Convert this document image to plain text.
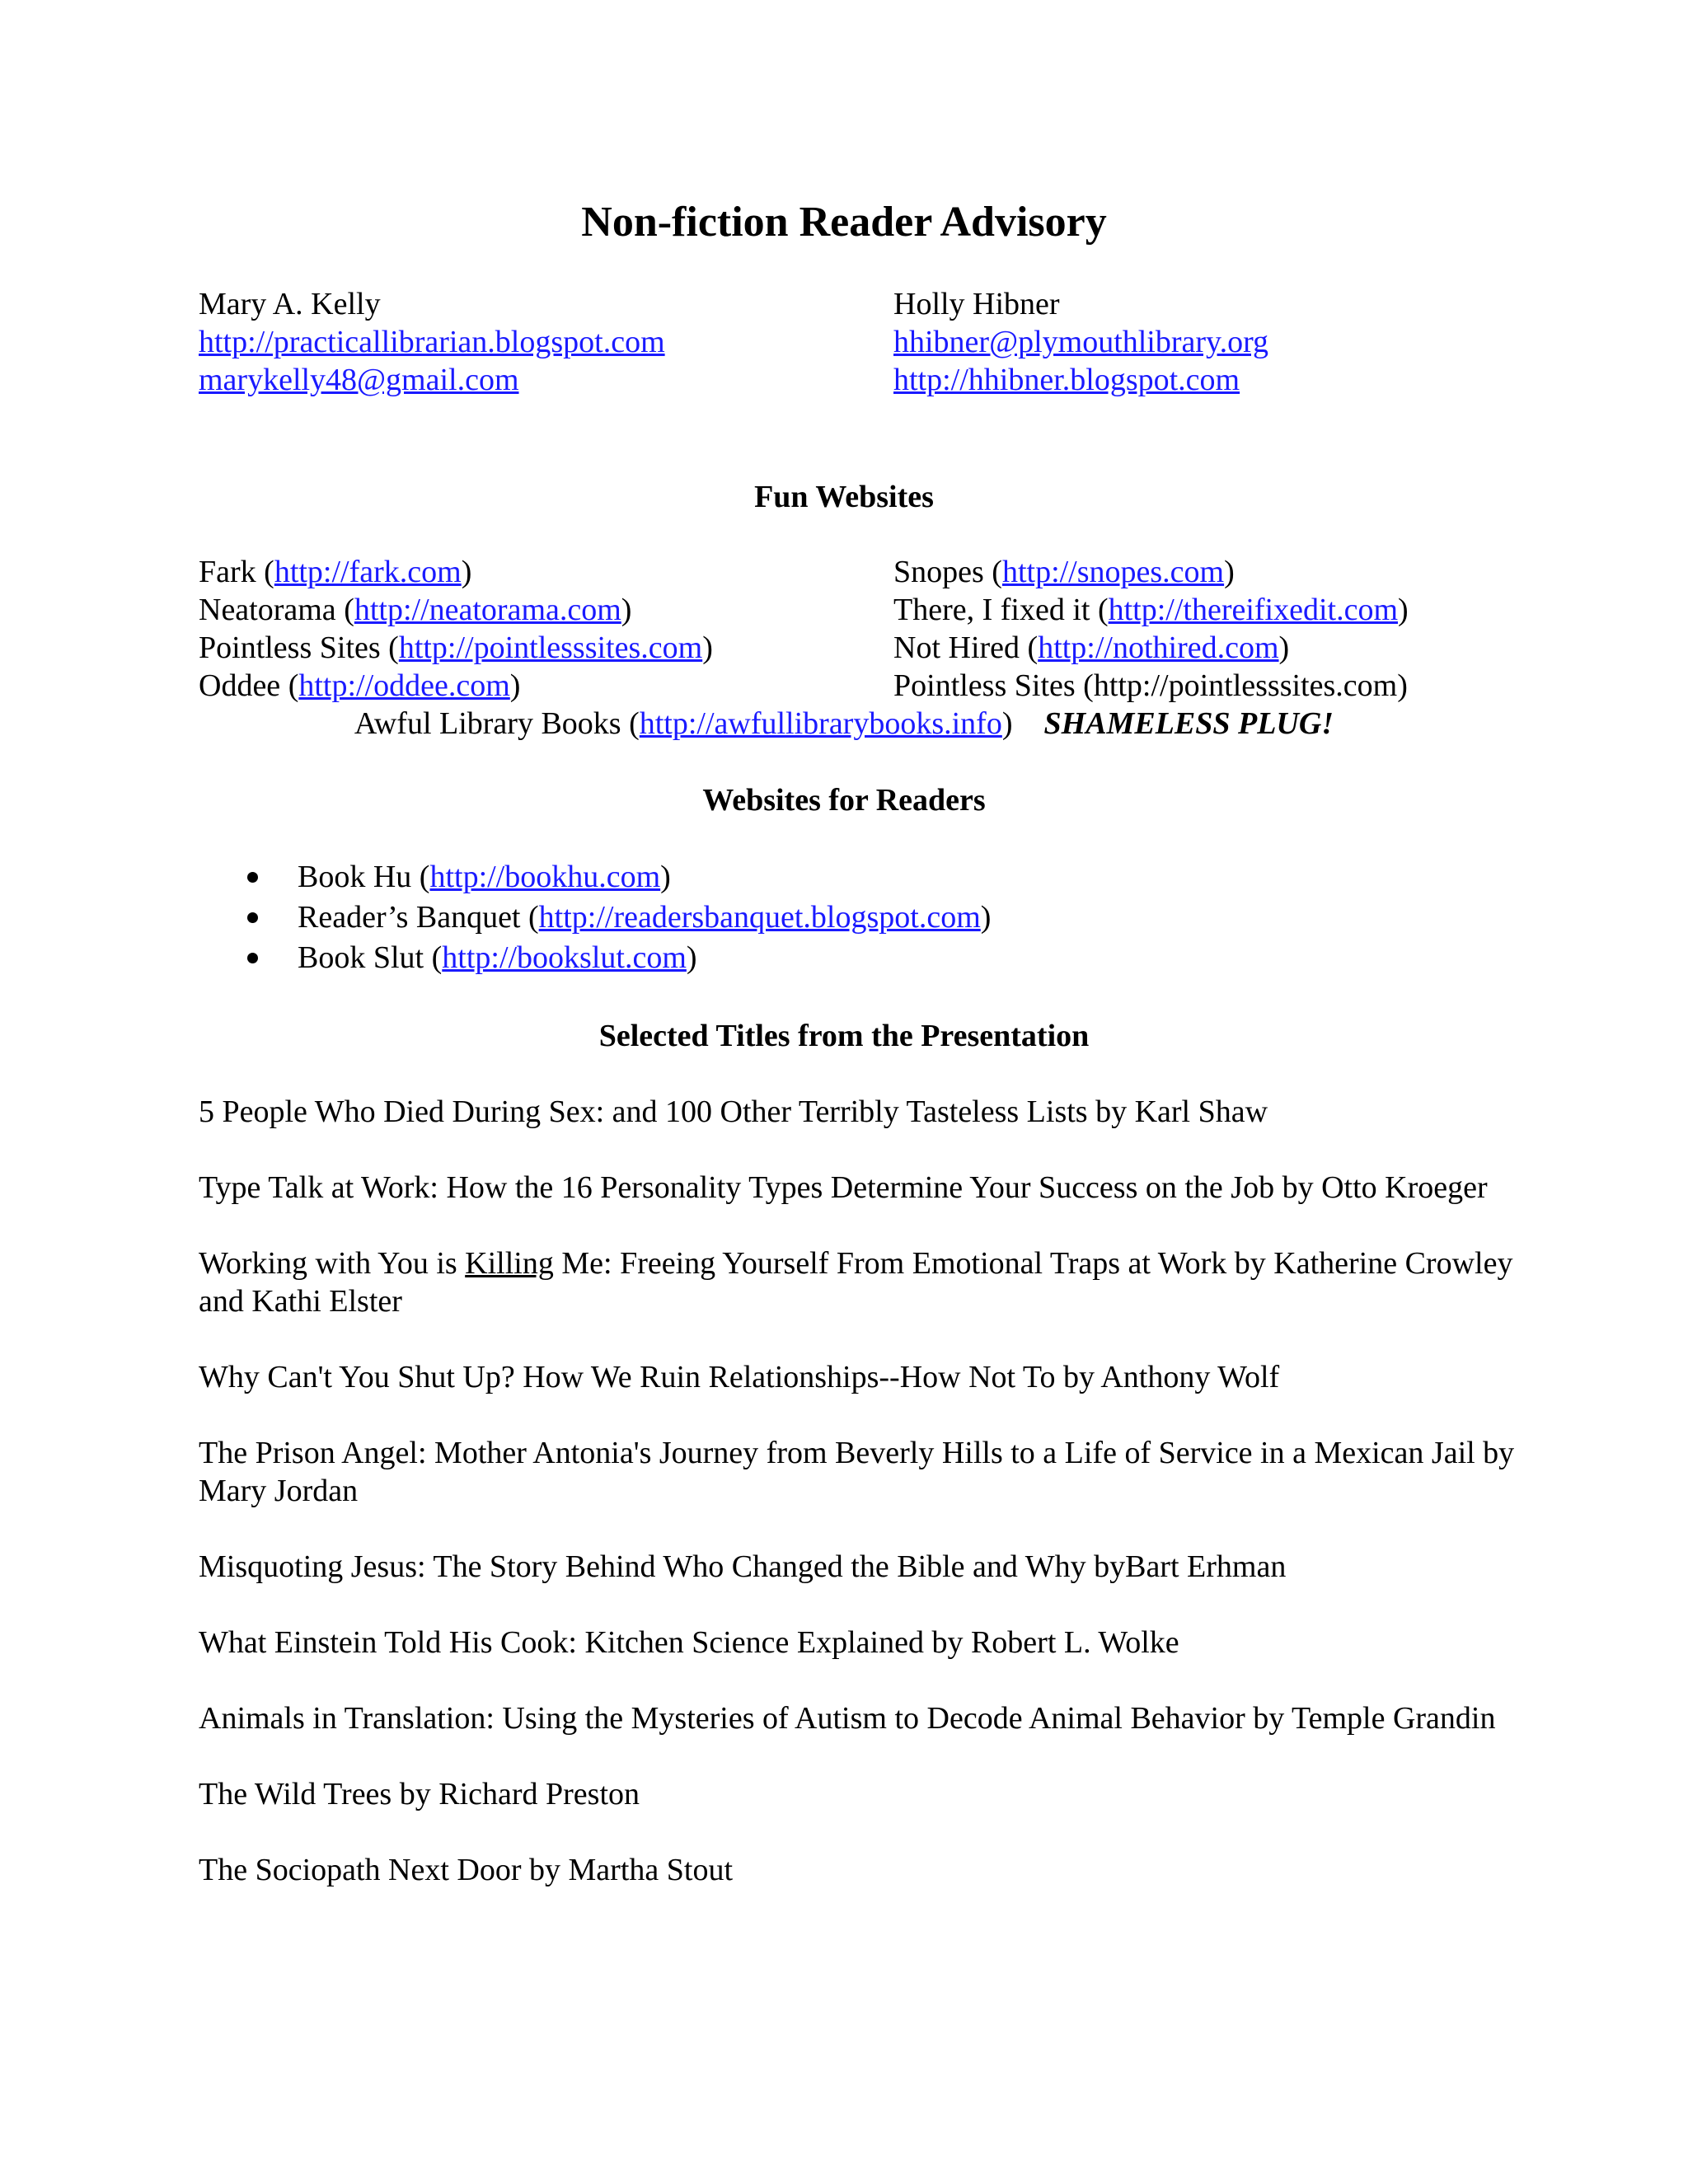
Non-fiction Reader Advisory
Mary A. Kelly
http://practicallibrarian.blogspot.com
marykelly48@gmail.com
Holly Hibner
hhibner@plymouthlibrary.org
http://hhibner.blogspot.com
Fun Websites
Fark (http://fark.com)
Neatorama (http://neatorama.com)
Pointless Sites (http://pointlesssites.com)
Oddee (http://oddee.com)
Snopes (http://snopes.com)
There, I fixed it (http://thereifixedit.com)
Not Hired (http://nothired.com)
Pointless Sites (http://pointlesssites.com)
Awful Library Books (http://awfullibrarybooks.info) SHAMELESS PLUG!
Websites for Readers
Book Hu (http://bookhu.com)
Reader’s Banquet (http://readersbanquet.blogspot.com)
Book Slut (http://bookslut.com)
Selected Titles from the Presentation
5 People Who Died During Sex: and 100 Other Terribly Tasteless Lists by Karl Shaw
Type Talk at Work: How the 16 Personality Types Determine Your Success on the Job by Otto Kroeger
Working with You is Killing Me: Freeing Yourself From Emotional Traps at Work by Katherine Crowley and Kathi Elster
Why Can't You Shut Up? How We Ruin Relationships--How Not To by Anthony Wolf
The Prison Angel: Mother Antonia's Journey from Beverly Hills to a Life of Service in a Mexican Jail by Mary Jordan
Misquoting Jesus: The Story Behind Who Changed the Bible and Why byBart Erhman
What Einstein Told His Cook: Kitchen Science Explained by Robert L. Wolke
Animals in Translation: Using the Mysteries of Autism to Decode Animal Behavior by Temple Grandin
The Wild Trees by Richard Preston
The Sociopath Next Door by Martha Stout
